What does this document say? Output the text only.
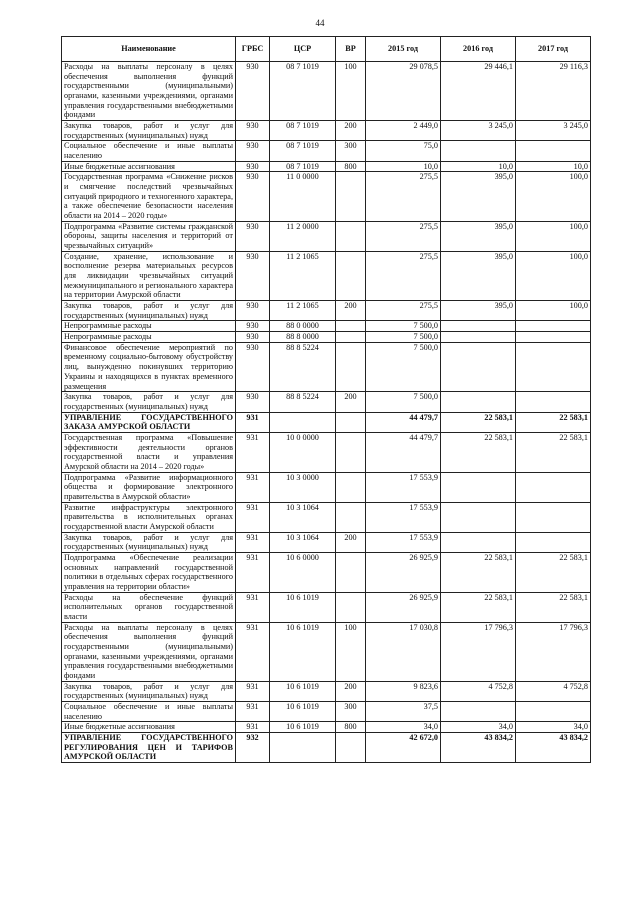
44
Наименование	ГРБС	ЦСР	ВР	2015 год	2016 год	2017 год
Расходы на выплаты персоналу в целях обеспечения выполнения функций государственными (муниципальными) органами, казенными учреждениями, органами управления государственными внебюджетными фондами	930	08 7 1019	100	29 078,5	29 446,1	29 116,3
Закупка товаров, работ и услуг для государственных (муниципальных) нужд	930	08 7 1019	200	2 449,0	3 245,0	3 245,0
Социальное обеспечение и иные выплаты населению	930	08 7 1019	300	75,0		
Иные бюджетные ассигнования	930	08 7 1019	800	10,0	10,0	10,0
Государственная программа «Снижение рисков и смягчение последствий чрезвычайных ситуаций природного и техногенного характера, а также обеспечение безопасности населения области на 2014 – 2020 годы»	930	11 0 0000		275,5	395,0	100,0
Подпрограмма «Развитие системы гражданской обороны, защиты населения и территорий от чрезвычайных ситуаций»	930	11 2 0000		275,5	395,0	100,0
Создание, хранение, использование и восполнение резерва материальных ресурсов для ликвидации чрезвычайных ситуаций межмуниципального и регионального характера на территории Амурской области	930	11 2 1065		275,5	395,0	100,0
Закупка товаров, работ и услуг для государственных (муниципальных) нужд	930	11 2 1065	200	275,5	395,0	100,0
Непрограммные расходы	930	88 0 0000		7 500,0		
Непрограммные расходы	930	88 8 0000		7 500,0		
Финансовое обеспечение мероприятий по временному социально-бытовому обустройству лиц, вынужденно покинувших территорию Украины и находящихся в пунктах временного размещения	930	88 8 5224		7 500,0		
Закупка товаров, работ и услуг для государственных (муниципальных) нужд	930	88 8 5224	200	7 500,0		
УПРАВЛЕНИЕ ГОСУДАРСТВЕННОГО ЗАКАЗА АМУРСКОЙ ОБЛАСТИ	931			44 479,7	22 583,1	22 583,1
Государственная программа «Повышение эффективности деятельности органов государственной власти и управления Амурской области на 2014 – 2020 годы»	931	10 0 0000		44 479,7	22 583,1	22 583,1
Подпрограмма «Развитие информационного общества и формирование электронного правительства в Амурской области»	931	10 3 0000		17 553,9		
Развитие инфраструктуры электронного правительства в исполнительных органах государственной власти Амурской области	931	10 3 1064		17 553,9		
Закупка товаров, работ и услуг для государственных (муниципальных) нужд	931	10 3 1064	200	17 553,9		
Подпрограмма «Обеспечение реализации основных направлений государственной политики в отдельных сферах государственного управления на территории области»	931	10 6 0000		26 925,9	22 583,1	22 583,1
Расходы на обеспечение функций исполнительных органов государственной власти	931	10 6 1019		26 925,9	22 583,1	22 583,1
Расходы на выплаты персоналу в целях обеспечения выполнения функций государственными (муниципальными) органами, казенными учреждениями, органами управления государственными внебюджетными фондами	931	10 6 1019	100	17 030,8	17 796,3	17 796,3
Закупка товаров, работ и услуг для государственных (муниципальных) нужд	931	10 6 1019	200	9 823,6	4 752,8	4 752,8
Социальное обеспечение и иные выплаты населению	931	10 6 1019	300	37,5		
Иные бюджетные ассигнования	931	10 6 1019	800	34,0	34,0	34,0
УПРАВЛЕНИЕ ГОСУДАРСТВЕННОГО РЕГУЛИРОВАНИЯ ЦЕН И ТАРИФОВ АМУРСКОЙ ОБЛАСТИ	932			42 672,0	43 834,2	43 834,2
